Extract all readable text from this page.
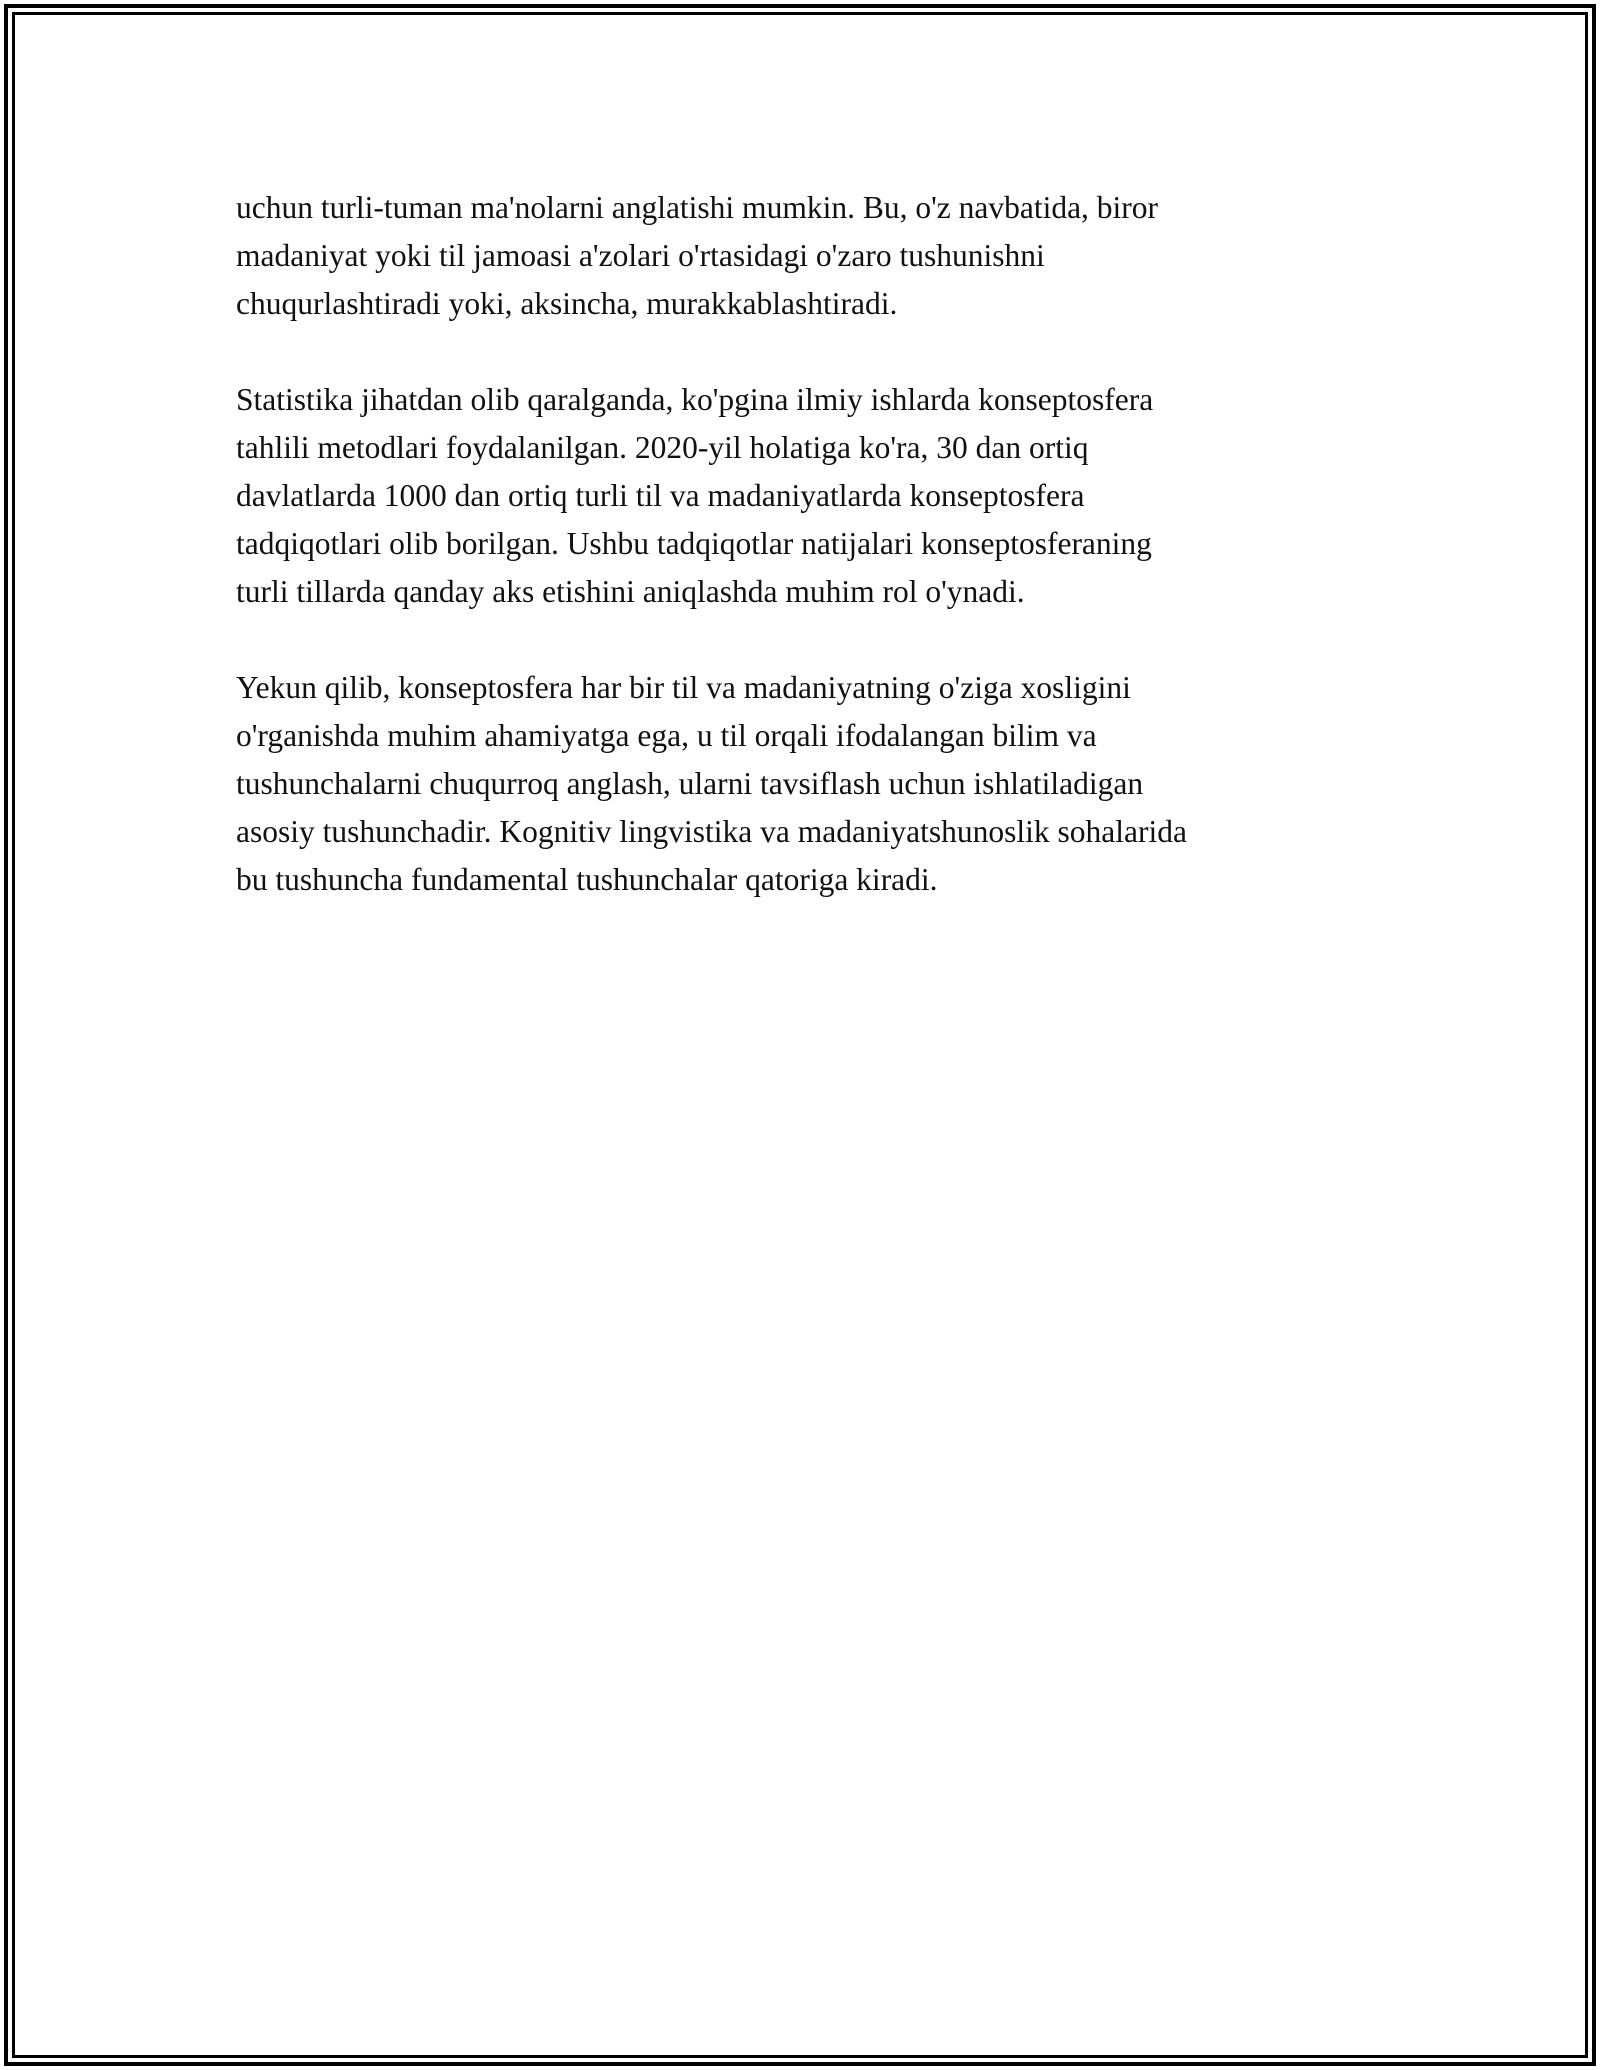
uchun turli-tuman ma'nolarni anglatishi mumkin. Bu, o'z navbatida, biror
madaniyat yoki til jamoasi a'zolari o'rtasidagi o'zaro tushunishni
chuqurlashtiradi yoki, aksincha, murakkablashtiradi.

Statistika jihatdan olib qaralganda, ko'pgina ilmiy ishlarda konseptosfera
tahlili metodlari foydalanilgan. 2020-yil holatiga ko'ra, 30 dan ortiq
davlatlarda 1000 dan ortiq turli til va madaniyatlarda konseptosfera
tadqiqotlari olib borilgan. Ushbu tadqiqotlar natijalari konseptosferaning
turli tillarda qanday aks etishini aniqlashda muhim rol o'ynadi.

Yekun qilib, konseptosfera har bir til va madaniyatning o'ziga xosligini
o'rganishda muhim ahamiyatga ega, u til orqali ifodalangan bilim va
tushunchalarni chuqurroq anglash, ularni tavsiflash uchun ishlatiladigan
asosiy tushunchadir. Kognitiv lingvistika va madaniyatshunoslik sohalarida
bu tushuncha fundamental tushunchalar qatoriga kiradi.
